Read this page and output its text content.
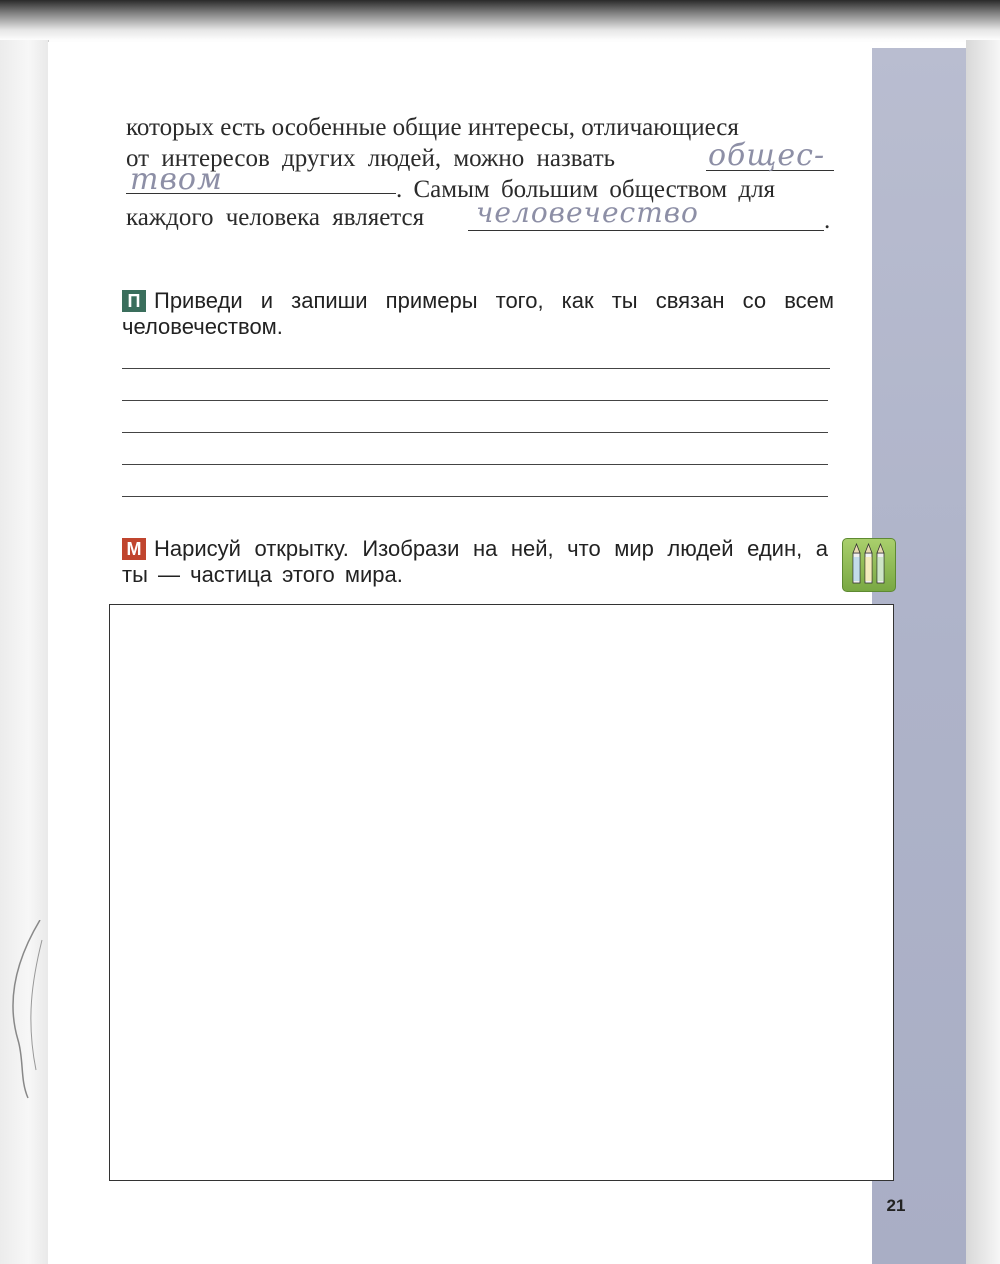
которых есть особенные общие интересы, отличающиеся
от интересов других людей, можно назвать	общес-
твом	. Самым большим обществом для
каждого человека является	человечество	.
П Приведи и запиши примеры того, как ты связан со всем человечеством.
М Нарисуй открытку. Изобрази на ней, что мир людей един, а ты — частица этого мира.
21
